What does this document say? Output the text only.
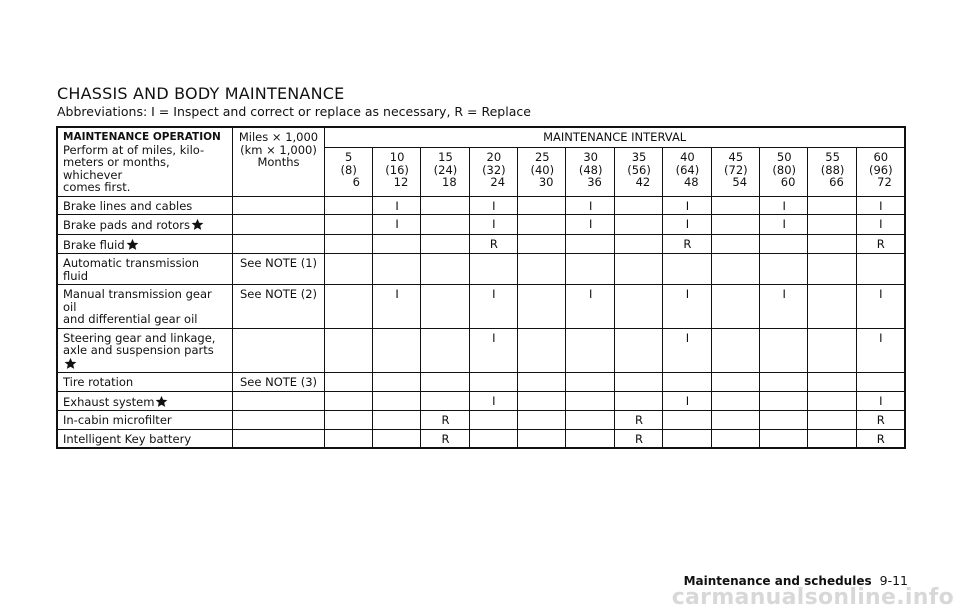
CHASSIS AND BODY MAINTENANCE
Abbreviations: I = Inspect and correct or replace as necessary, R = Replace
MAINTENANCE OPERATION
Perform at of miles, kilo-
meters or months, whichever
comes first.	Miles × 1,000
(km × 1,000)
Months	MAINTENANCE INTERVAL											

		5
(8)
6	10
(16)
12	15
(24)
18	20
(32)
24	25
(40)
30	30
(48)
36	35
(56)
42	40
(64)
48	45
(72)
54	50
(80)
60	55
(88)
66	60
(96)
72

Brake lines and cables			I		I		I		I		I		I
Brake pads and rotors			I		I		I		I		I		I
Brake fluid					R				R				R

Automatic transmission fluid	See NOTE (1)												

Manual transmission gear oil
and differential gear oil	See NOTE (2)		I		I		I		I		I		I

Steering gear and linkage,
axle and suspension parts					I				I				I

Tire rotation	See NOTE (3)												
Exhaust system					I				I				I

In-cabin microfilter				R				R					R

Intelligent Key battery				R				R					R
Maintenance and schedules 9-11
carmanualsonline.info
